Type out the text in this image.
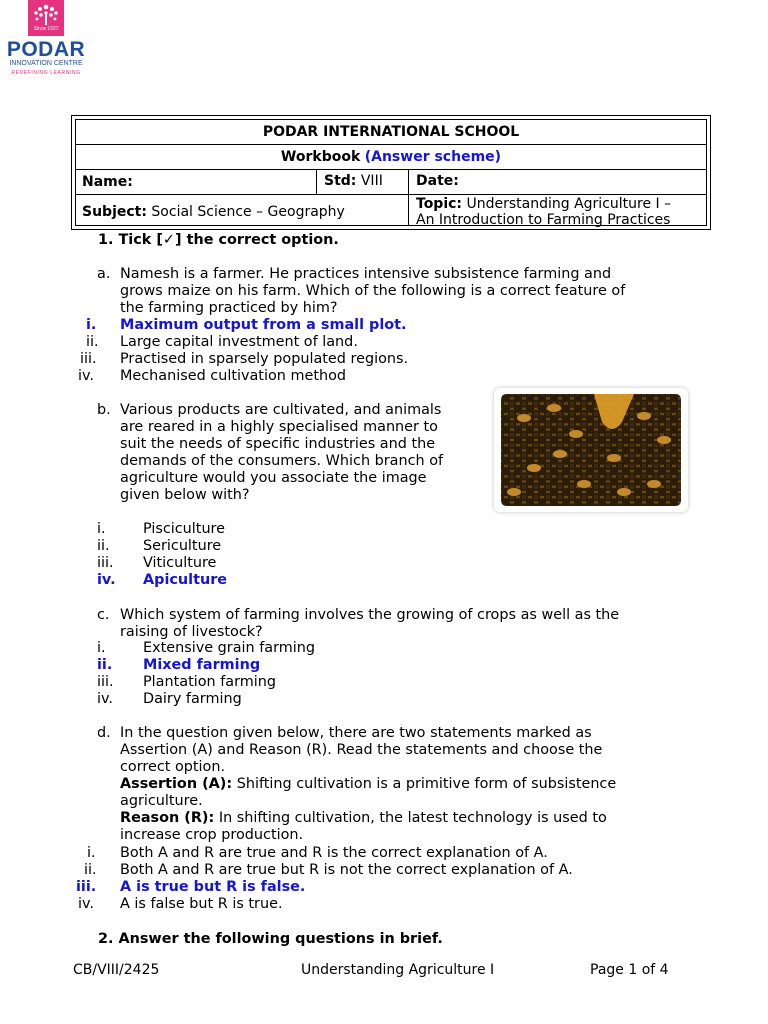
Since 1927
PODAR
INNOVATION CENTRE
REDEFINING LEARNING
PODAR INTERNATIONAL SCHOOL
Workbook (Answer scheme)
Name:	Std: VIII Date:
Subject: Social Science – Geography	Topic: Understanding Agriculture I –
An Introduction to Farming Practices
1. Tick [✓] the correct option.
a. Namesh is a farmer. He practices intensive subsistence farming and
grows maize on his farm. Which of the following is a correct feature of
the farming practiced by him?
i. Maximum output from a small plot.
ii. Large capital investment of land.
iii. Practised in sparsely populated regions.
iv. Mechanised cultivation method
b. Various products are cultivated, and animals
are reared in a highly specialised manner to
suit the needs of specific industries and the
demands of the consumers. Which branch of
agriculture would you associate the image
given below with?
i.	Pisciculture
ii. Sericulture
iii. Viticulture
iv. Apiculture
c. Which system of farming involves the growing of crops as well as the
raising of livestock?
i.	Extensive grain farming
ii. Mixed farming
iii. Plantation farming
iv. Dairy farming
d. In the question given below, there are two statements marked as
Assertion (A) and Reason (R). Read the statements and choose the
correct option.
Assertion (A): Shifting cultivation is a primitive form of subsistence
agriculture.
Reason (R): In shifting cultivation, the latest technology is used to
increase crop production.
i. Both A and R are true and R is the correct explanation of A.
ii. Both A and R are true but R is not the correct explanation of A.
iii. A is true but R is false.
iv. A is false but R is true.
2. Answer the following questions in brief.
CB/VIII/2425	Understanding Agriculture I	Page 1 of 4
